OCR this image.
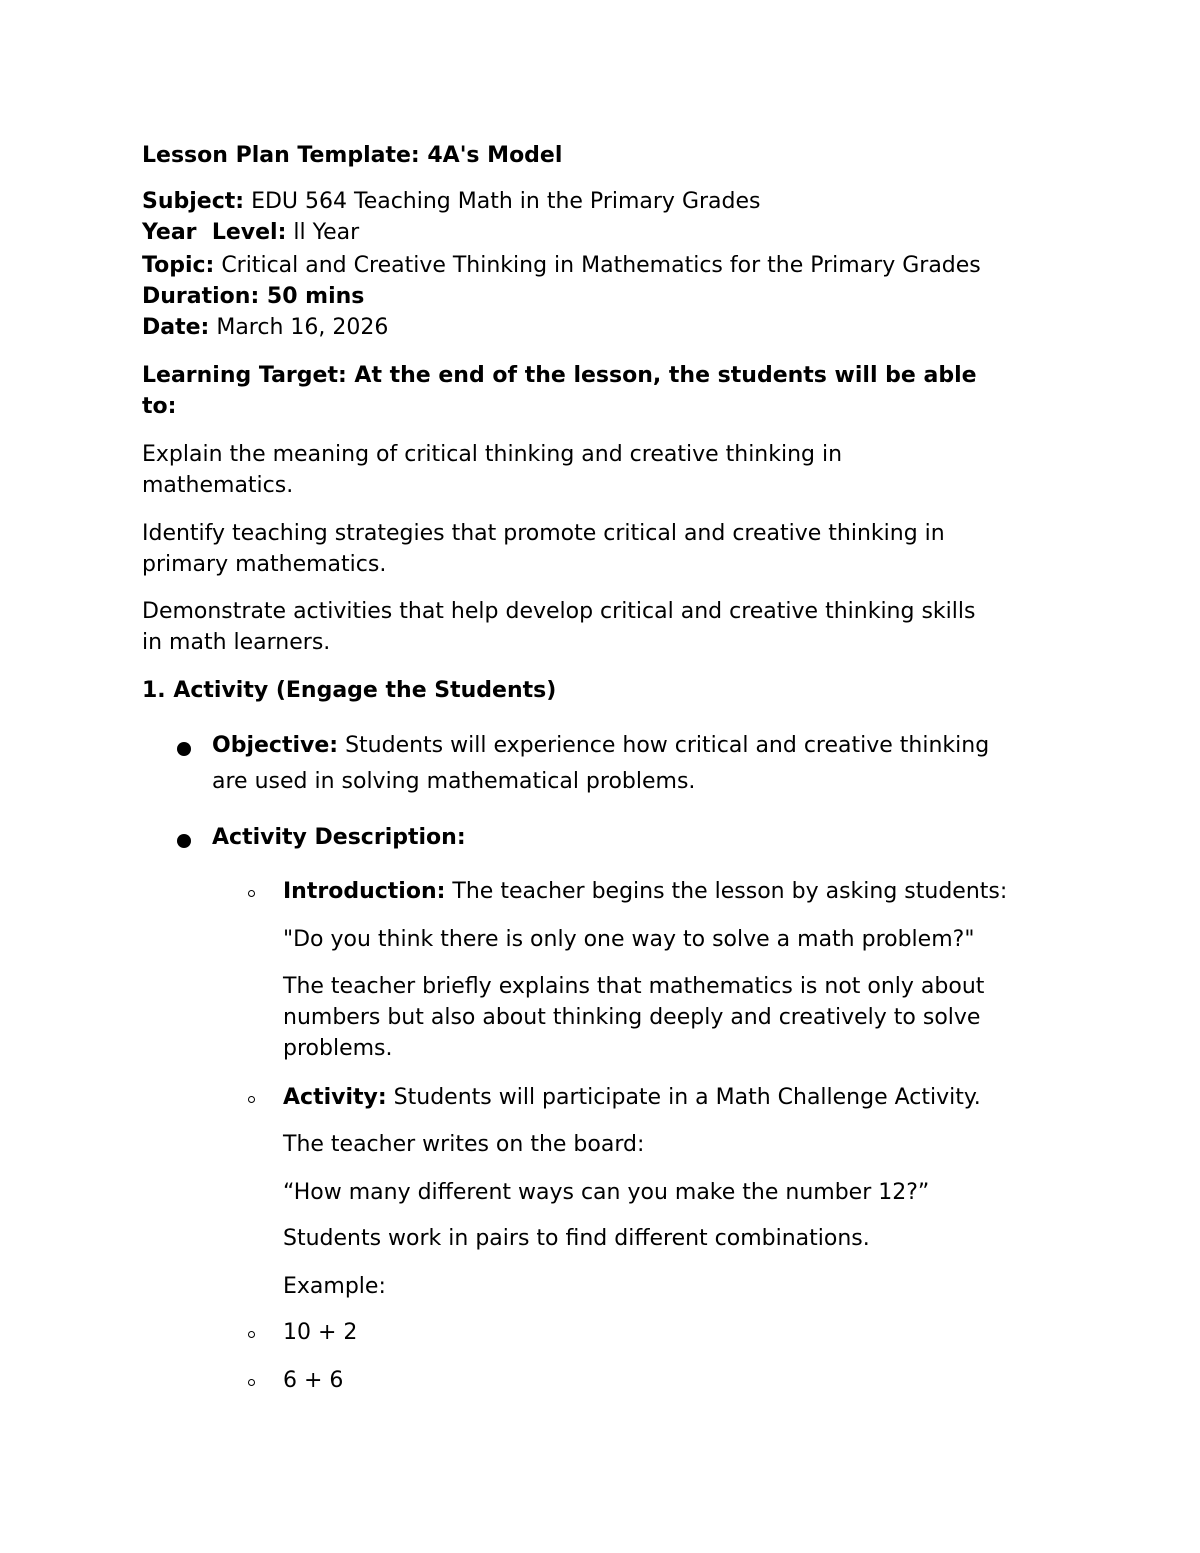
Lesson Plan Template: 4A's Model
Subject: EDU 564 Teaching Math in the Primary Grades
Year  Level: ll Year
Topic: Critical and Creative Thinking in Mathematics for the Primary Grades
Duration: 50 mins
Date: March 16, 2026
Learning Target: At the end of the lesson, the students will be able
to:
Explain the meaning of critical thinking and creative thinking in
mathematics.
Identify teaching strategies that promote critical and creative thinking in
primary mathematics.
Demonstrate activities that help develop critical and creative thinking skills
in math learners.
1. Activity (Engage the Students)
Objective: Students will experience how critical and creative thinking
are used in solving mathematical problems.
Activity Description:
Introduction: The teacher begins the lesson by asking students:
"Do you think there is only one way to solve a math problem?"
The teacher briefly explains that mathematics is not only about
numbers but also about thinking deeply and creatively to solve
problems.
Activity: Students will participate in a Math Challenge Activity.
The teacher writes on the board:
“How many different ways can you make the number 12?”
Students work in pairs to find different combinations.
Example:
10 + 2
6 + 6
